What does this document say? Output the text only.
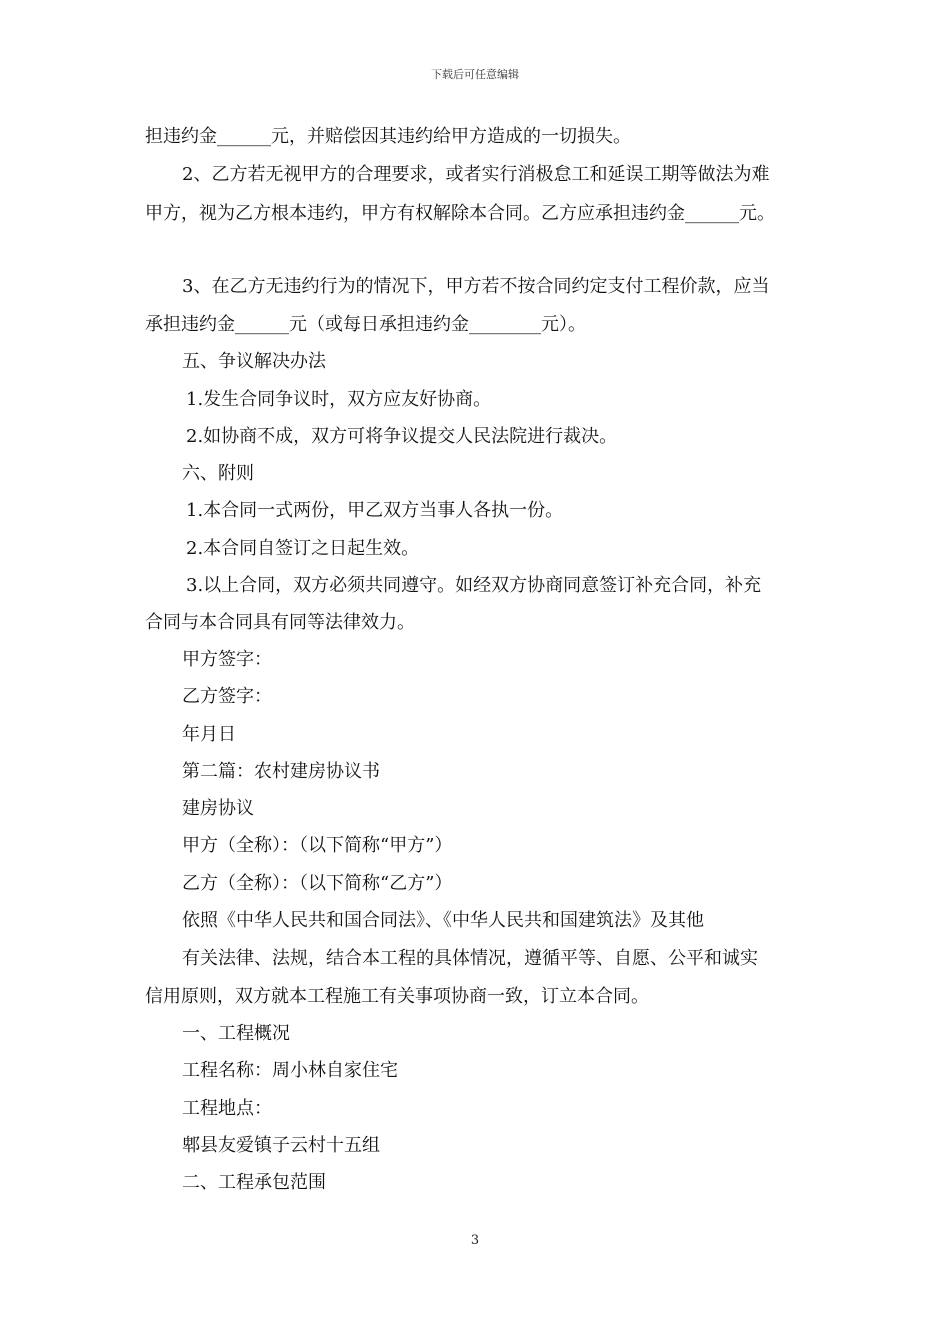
下载后可任意编辑
担违约金______元，并赔偿因其违约给甲方造成的一切损失。
2、乙方若无视甲方的合理要求，或者实行消极怠工和延误工期等做法为难
甲方，视为乙方根本违约，甲方有权解除本合同。乙方应承担违约金______元。
3、在乙方无违约行为的情况下，甲方若不按合同约定支付工程价款，应当
承担违约金______元（或每日承担违约金________元）。
五、争议解决办法
1.发生合同争议时，双方应友好协商。
2.如协商不成，双方可将争议提交人民法院进行裁决。
六、附则
1.本合同一式两份，甲乙双方当事人各执一份。
2.本合同自签订之日起生效。
3.以上合同，双方必须共同遵守。如经双方协商同意签订补充合同，补充
合同与本合同具有同等法律效力。
甲方签字：
乙方签字：
年月日
第二篇：农村建房协议书
建房协议
甲方（全称）：（以下简称“甲方”）
乙方（全称）：（以下简称“乙方”）
依照《中华人民共和国合同法》、《中华人民共和国建筑法》及其他
有关法律、法规，结合本工程的具体情况，遵循平等、自愿、公平和诚实
信用原则，双方就本工程施工有关事项协商一致，订立本合同。
一、工程概况
工程名称：周小林自家住宅
工程地点：
郫县友爱镇子云村十五组
二、工程承包范围
3
